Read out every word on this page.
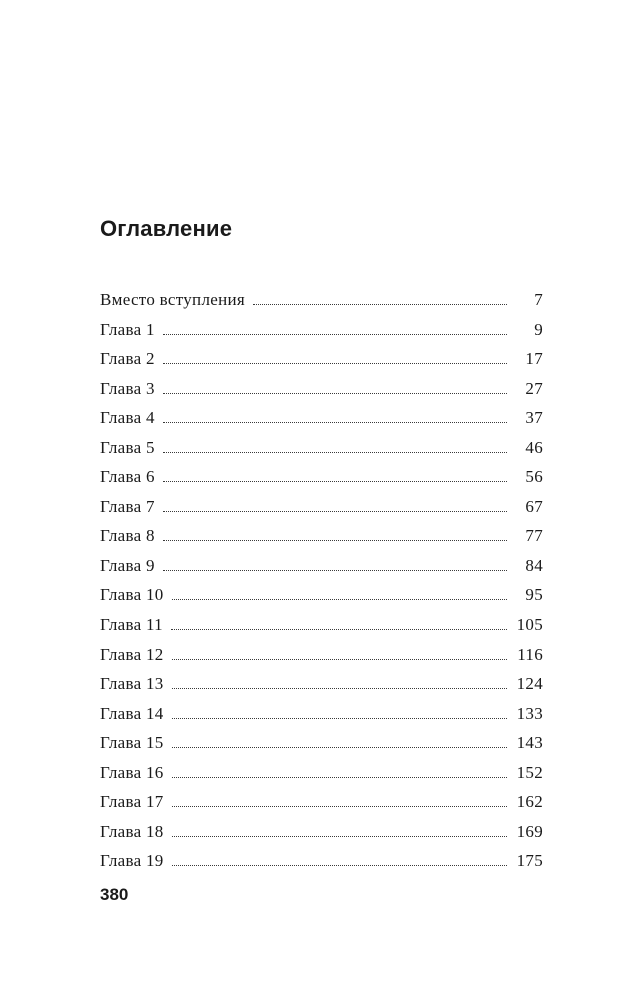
Оглавление
Вместо вступления	7
Глава 1	9
Глава 2	17
Глава 3	27
Глава 4	37
Глава 5	46
Глава 6	56
Глава 7	67
Глава 8	77
Глава 9	84
Глава 10	95
Глава 11	105
Глава 12	116
Глава 13	124
Глава 14	133
Глава 15	143
Глава 16	152
Глава 17	162
Глава 18	169
Глава 19	175
380
